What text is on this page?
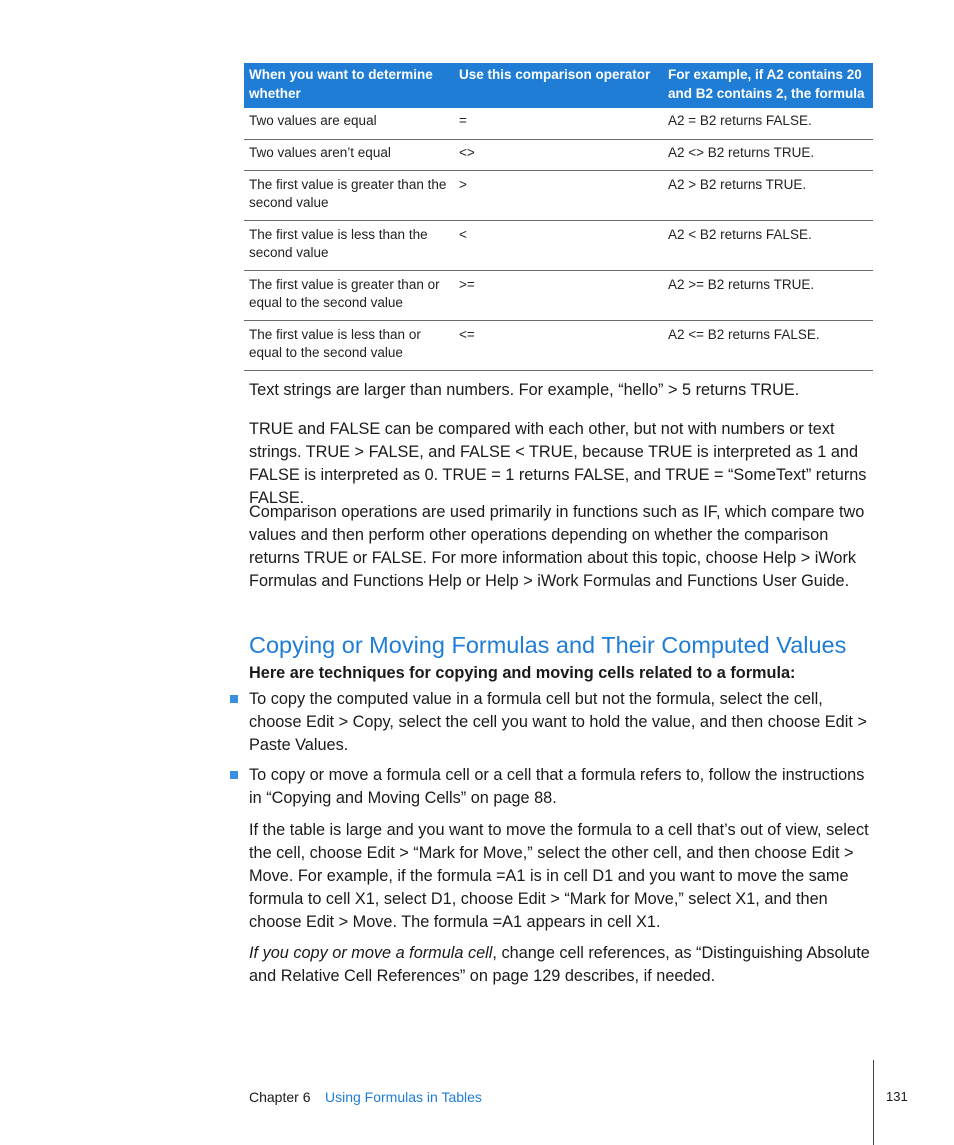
When you want to determine whether	Use this comparison operator	For example, if A2 contains 20 and B2 contains 2, the formula
Two values are equal	=	A2 = B2 returns FALSE.
Two values aren’t equal	<>	A2 <> B2 returns TRUE.
The first value is greater than the second value	>	A2 > B2 returns TRUE.
The first value is less than the second value	<	A2 < B2 returns FALSE.
The first value is greater than or equal to the second value	>=	A2 >= B2 returns TRUE.
The first value is less than or equal to the second value	<=	A2 <= B2 returns FALSE.

Text strings are larger than numbers. For example, “hello” > 5 returns TRUE.

TRUE and FALSE can be compared with each other, but not with numbers or text strings. TRUE > FALSE, and FALSE < TRUE, because TRUE is interpreted as 1 and FALSE is interpreted as 0. TRUE = 1 returns FALSE, and TRUE = “SomeText” returns FALSE.

Comparison operations are used primarily in functions such as IF, which compare two values and then perform other operations depending on whether the comparison returns TRUE or FALSE. For more information about this topic, choose Help > iWork Formulas and Functions Help or Help > iWork Formulas and Functions User Guide.

Copying or Moving Formulas and Their Computed Values

Here are techniques for copying and moving cells related to a formula:

To copy the computed value in a formula cell but not the formula, select the cell, choose Edit > Copy, select the cell you want to hold the value, and then choose Edit > Paste Values.

To copy or move a formula cell or a cell that a formula refers to, follow the instructions in “Copying and Moving Cells” on page 88.

If the table is large and you want to move the formula to a cell that’s out of view, select the cell, choose Edit > “Mark for Move,” select the other cell, and then choose Edit > Move. For example, if the formula =A1 is in cell D1 and you want to move the same formula to cell X1, select D1, choose Edit > “Mark for Move,” select X1, and then choose Edit > Move. The formula =A1 appears in cell X1.

If you copy or move a formula cell, change cell references, as “Distinguishing Absolute and Relative Cell References” on page 129 describes, if needed.

Chapter 6 Using Formulas in Tables	131
